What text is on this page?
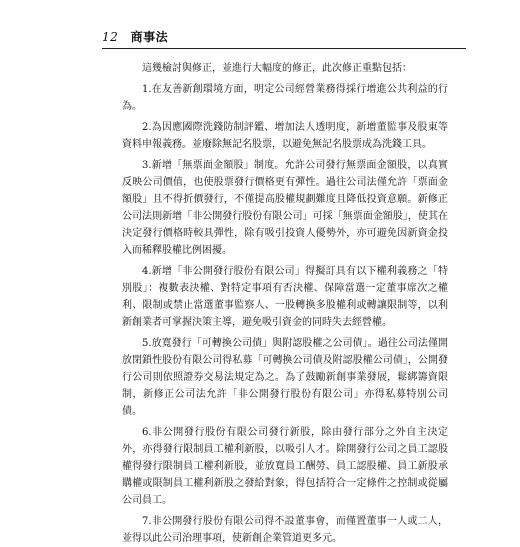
12 商事法

這幾檢討與修正，並進行大幅度的修正，此次修正重點包括：

1.在友善新創環境方面，明定公司經營業務得採行增進公共利益的行為。

2.為因應國際洗錢防制評鑑、增加法人透明度，新增董監事及股東等資料申報義務。並廢除無記名股票，以避免無記名股票成為洗錢工具。

3.新增「無票面金額股」制度。允許公司發行無票面金額股，以真實反映公司價值，也使股票發行價格更有彈性。過往公司法僅允許「票面金額股」且不得折價發行，不僅提高股權規劃難度且降低投資意願。新修正公司法則新增「非公開發行股份有限公司」可採「無票面金額股」，使其在決定發行價格時較具彈性，除有吸引投資人優勢外，亦可避免因新資金投入而稀釋股權比例困擾。

4.新增「非公開發行股份有限公司」得擬訂具有以下權利義務之「特別股」：複數表決權、對特定事項有否決權、保障當選一定董事席次之權利、限制或禁止當選董事監察人、一股轉換多股權利或轉讓限制等，以利新創業者可掌握決策主導，避免吸引資金的同時失去經營權。

5.放寬發行「可轉換公司債」與附認股權之公司債」。過往公司法僅開放閉鎖性股份有限公司得私募「可轉換公司債及附認股權公司債」，公開發行公司則依照證券交易法規定為之。為了鼓勵新創事業發展，鬆綁籌資限制，新修正公司法允許「非公開發行股份有限公司」亦得私募特別公司債。

6.非公開發行股份有限公司發行新股，除由發行部分之外自主決定外，亦得發行限制員工權利新股，以吸引人才。除開發行公司之員工認股權得發行限制員工權利新股，並放寬員工酬勞、員工認股權、員工新股承購權或限制員工權利新股之發給對象，得包括符合一定條件之控制或從屬公司員工。

7.非公開發行股份有限公司得不設董事會，而僅置董事一人或二人，並得以此公司治理事項，使新創企業管道更多元。
